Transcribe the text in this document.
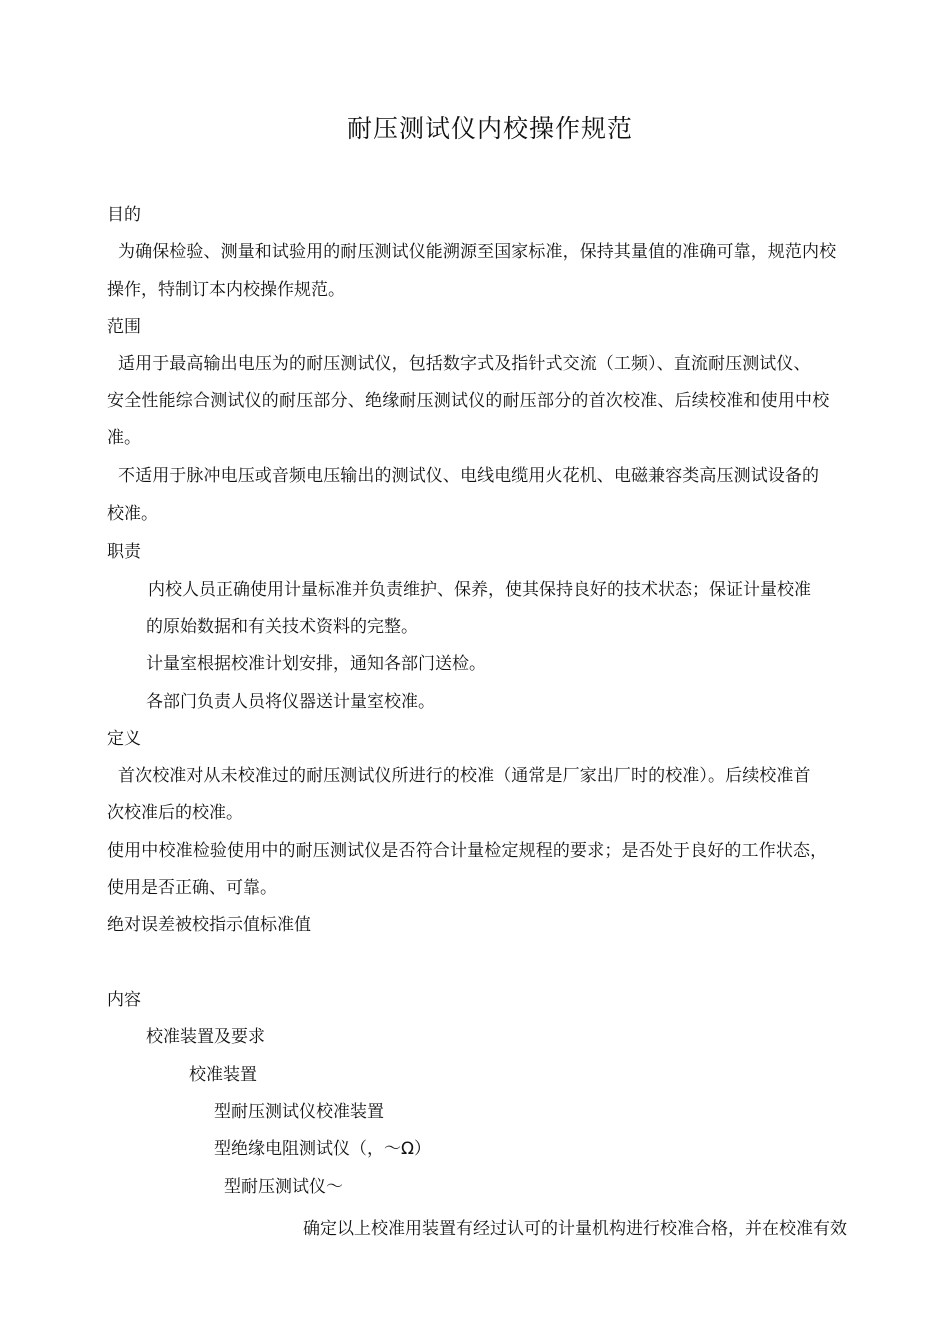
耐压测试仪内校操作规范
目的
为确保检验、测量和试验用的耐压测试仪能溯源至国家标准，保持其量值的准确可靠，规范内校
操作，特制订本内校操作规范。
范围
适用于最高输出电压为的耐压测试仪，包括数字式及指针式交流（工频）、直流耐压测试仪、
安全性能综合测试仪的耐压部分、绝缘耐压测试仪的耐压部分的首次校准、后续校准和使用中校
准。
不适用于脉冲电压或音频电压输出的测试仪、电线电缆用火花机、电磁兼容类高压测试设备的
校准。
职责
内校人员正确使用计量标准并负责维护、保养，使其保持良好的技术状态；保证计量校准
的原始数据和有关技术资料的完整。
计量室根据校准计划安排，通知各部门送检。
各部门负责人员将仪器送计量室校准。
定义
首次校准对从未校准过的耐压测试仪所进行的校准（通常是厂家出厂时的校准）。后续校准首
次校准后的校准。
使用中校准检验使用中的耐压测试仪是否符合计量检定规程的要求；是否处于良好的工作状态，
使用是否正确、可靠。
绝对误差被校指示值标准值
内容
校准装置及要求
校准装置
型耐压测试仪校准装置
型绝缘电阻测试仪（，～Ω）
型耐压测试仪～
确定以上校准用装置有经过认可的计量机构进行校准合格，并在校准有效
